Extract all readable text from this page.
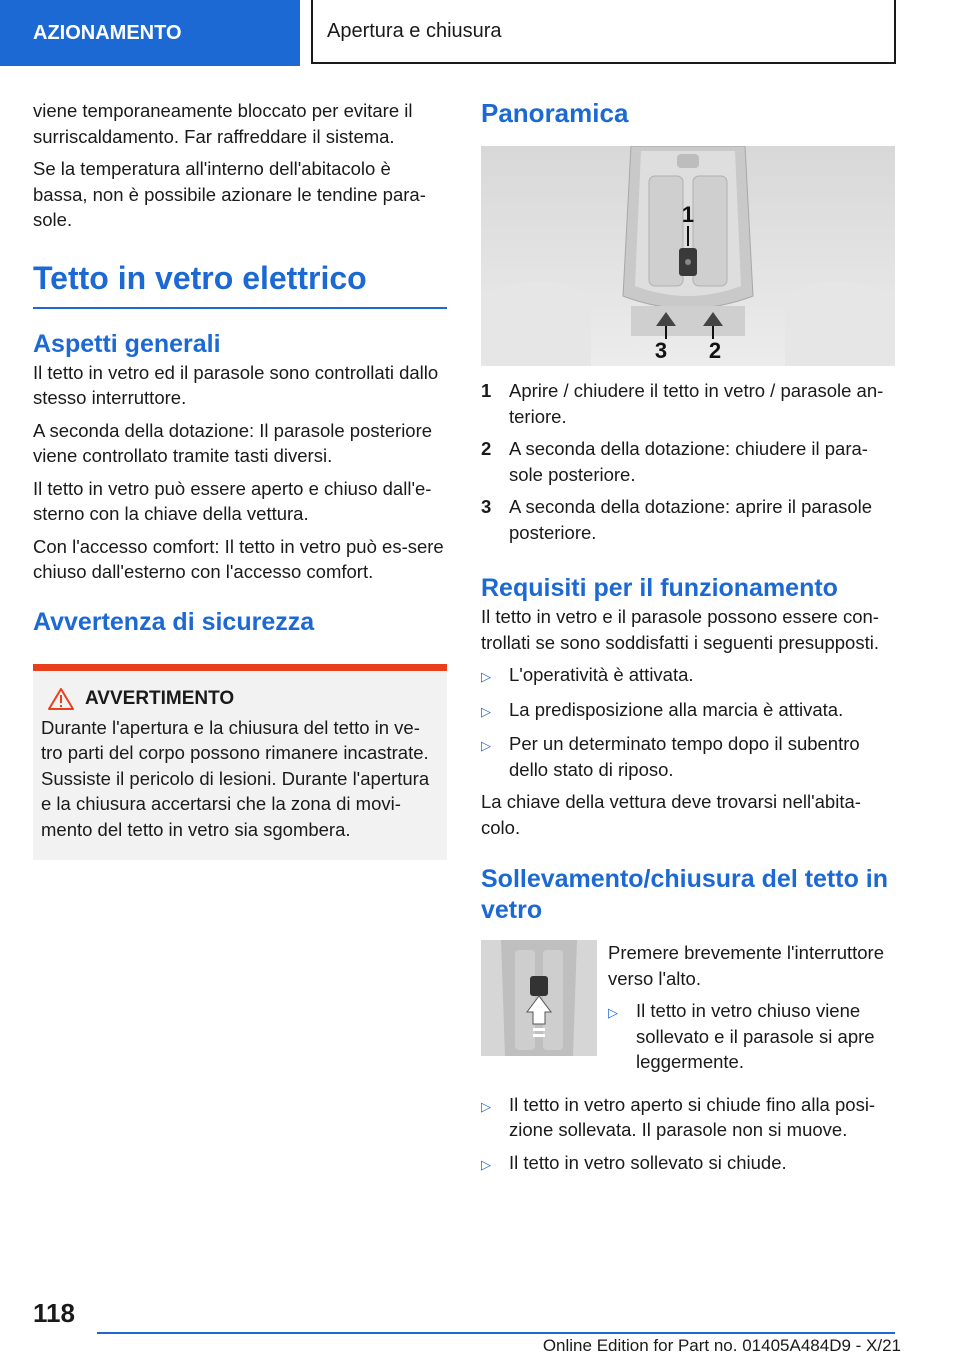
AZIONAMENTO	Apertura e chiusura

viene temporaneamente bloccato per evitare il surriscaldamento. Far raffreddare il sistema.

Se la temperatura all'interno dell'abitacolo è bassa, non è possibile azionare le tendine para-sole.

Tetto in vetro elettrico
Aspetti generali

Il tetto in vetro ed il parasole sono controllati dallo stesso interruttore.

A seconda della dotazione: Il parasole posteriore viene controllato tramite tasti diversi.

Il tetto in vetro può essere aperto e chiuso dall'e-sterno con la chiave della vettura.

Con l'accesso comfort: Il tetto in vetro può es-sere chiuso dall'esterno con l'accesso comfort.

Avvertenza di sicurezza
AVVERTIMENTO
Durante l'apertura e la chiusura del tetto in ve-tro parti del corpo possono rimanere incastrate. Sussiste il pericolo di lesioni. Durante l'apertura e la chiusura accertarsi che la zona di movi-mento del tetto in vetro sia sgombera.
Panoramica
1
3 2
1 Aprire / chiudere il tetto in vetro / parasole an-teriore.
2 A seconda della dotazione: chiudere il para-sole posteriore.
3 A seconda della dotazione: aprire il parasole posteriore.
Requisiti per il funzionamento

Il tetto in vetro e il parasole possono essere con-trollati se sono soddisfatti i seguenti presupposti.

▷ L'operatività è attivata.
▷ La predisposizione alla marcia è attivata.
▷ Per un determinato tempo dopo il subentro dello stato di riposo.

La chiave della vettura deve trovarsi nell'abita-colo.

Sollevamento/chiusura del tetto in vetro

Premere brevemente l'interruttore verso l'alto.

▷ Il tetto in vetro chiuso viene sollevato e il parasole si apre leggermente.
▷ Il tetto in vetro aperto si chiude fino alla posi-zione sollevata. Il parasole non si muove.
▷ Il tetto in vetro sollevato si chiude.
118
Online Edition for Part no. 01405A484D9 - X/21
